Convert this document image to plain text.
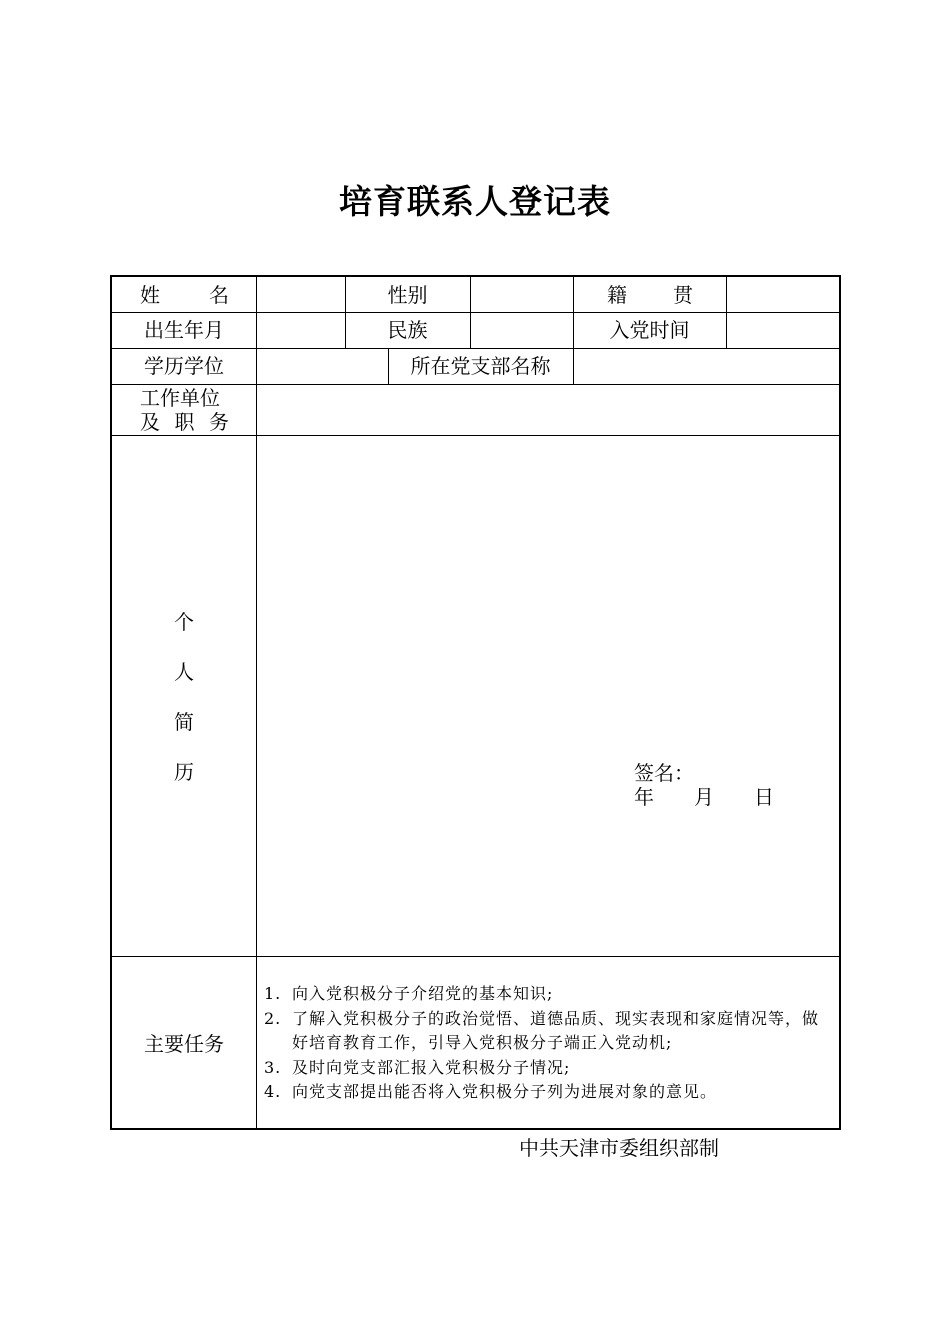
培育联系人登记表
姓 名	性别	籍 贯
出生年月	民族	入党时间
学历学位	所在党支部名称
工作单位
及 职 务
个
人
简
历	签名：
年 月 日
主要任务
1. 向入党积极分子介绍党的基本知识;
2. 了解入党积极分子的政治觉悟、道德品质、现实表现和家庭情况等，做好培育教育工作，引导入党积极分子端正入党动机;
3. 及时向党支部汇报入党积极分子情况;
4. 向党支部提出能否将入党积极分子列为进展对象的意见。
中共天津市委组织部制
